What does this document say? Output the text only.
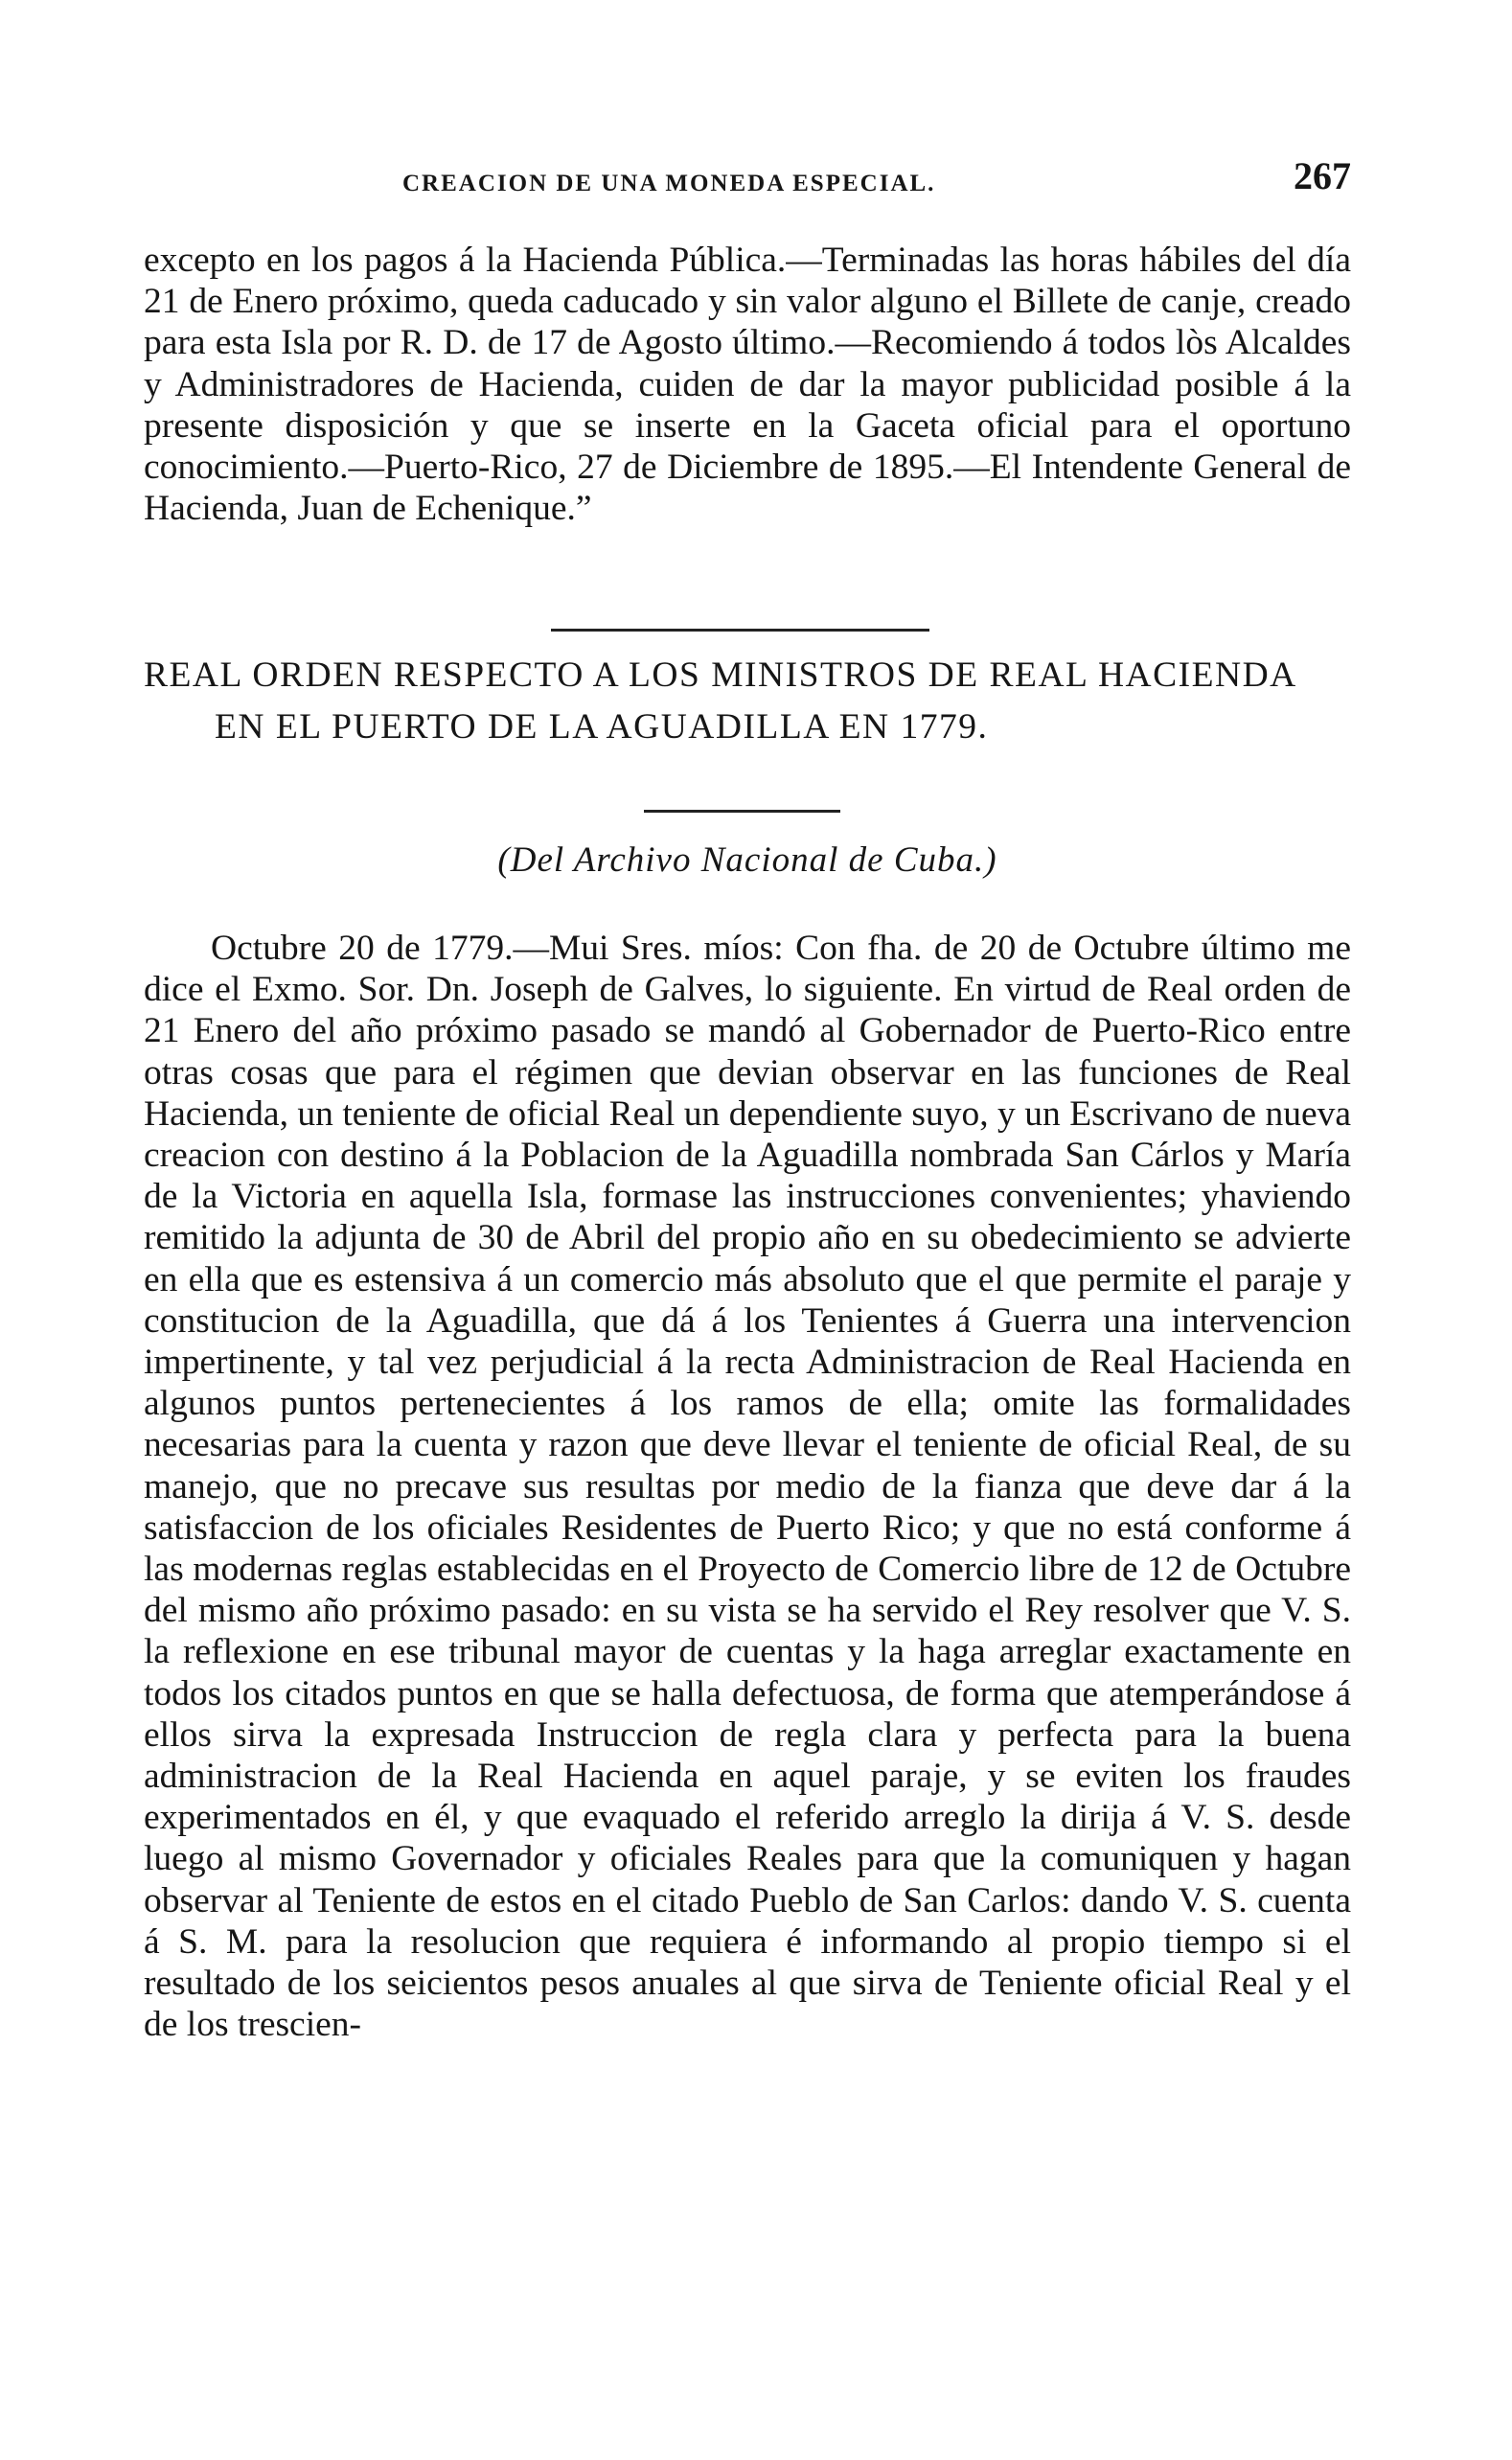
CREACION DE UNA MONEDA ESPECIAL.	267

excepto en los pagos á la Hacienda Pública.—Terminadas las horas hábiles del día 21 de Enero próximo, queda caducado y sin valor alguno el Billete de canje, creado para esta Isla por R. D. de 17 de Agosto último.—Recomiendo á todos lòs Alcaldes y Administradores de Hacienda, cuiden de dar la mayor publicidad posible á la presente disposición y que se inserte en la Gaceta oficial para el oportuno conocimiento.—Puerto-Rico, 27 de Diciembre de 1895.—El Intendente General de Hacienda, Juan de Echenique.”

REAL ORDEN RESPECTO A LOS MINISTROS DE REAL HACIENDA EN EL PUERTO DE LA AGUADILLA EN 1779.

(Del Archivo Nacional de Cuba.)

Octubre 20 de 1779.—Mui Sres. míos: Con fha. de 20 de Octubre último me dice el Exmo. Sor. Dn. Joseph de Galves, lo siguiente. En virtud de Real orden de 21 Enero del año próximo pasado se mandó al Gobernador de Puerto-Rico entre otras cosas que para el régimen que devian observar en las funciones de Real Hacienda, un teniente de oficial Real un dependiente suyo, y un Escrivano de nueva creacion con destino á la Poblacion de la Aguadilla nombrada San Cárlos y María de la Victoria en aquella Isla, formase las instrucciones convenientes; yhaviendo remitido la adjunta de 30 de Abril del propio año en su obedecimiento se advierte en ella que es estensiva á un comercio más absoluto que el que permite el paraje y constitucion de la Aguadilla, que dá á los Tenientes á Guerra una intervencion impertinente, y tal vez perjudicial á la recta Administracion de Real Hacienda en algunos puntos pertenecientes á los ramos de ella; omite las formalidades necesarias para la cuenta y razon que deve llevar el teniente de oficial Real, de su manejo, que no precave sus resultas por medio de la fianza que deve dar á la satisfaccion de los oficiales Residentes de Puerto Rico; y que no está conforme á las modernas reglas establecidas en el Proyecto de Comercio libre de 12 de Octubre del mismo año próximo pasado: en su vista se ha servido el Rey resolver que V. S. la reflexione en ese tribunal mayor de cuentas y la haga arreglar exactamente en todos los citados puntos en que se halla defectuosa, de forma que atemperándose á ellos sirva la expresada Instruccion de regla clara y perfecta para la buena administracion de la Real Hacienda en aquel paraje, y se eviten los fraudes experimentados en él, y que evaquado el referido arreglo la dirija á V. S. desde luego al mismo Governador y oficiales Reales para que la comuniquen y hagan observar al Teniente de estos en el citado Pueblo de San Carlos: dando V. S. cuenta á S. M. para la resolucion que requiera é informando al propio tiempo si el resultado de los seicientos pesos anuales al que sirva de Teniente oficial Real y el de los trescien-
